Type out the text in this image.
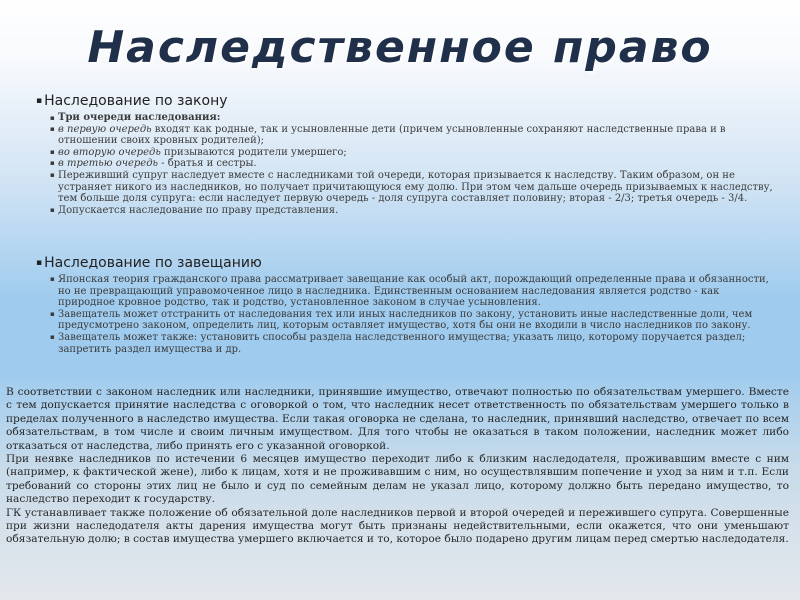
Наследственное право
▪ Наследование по закону
▪ Три очереди наследования:
▪ в первую очередь входят как родные, так и усыновленные дети (причем усыновленные сохраняют наследственные права и в отношении своих кровных родителей);
▪ во вторую очередь призываются родители умершего;
▪ в третью очередь - братья и сестры.
▪ Переживший супруг наследует вместе с наследниками той очереди, которая призывается к наследству. Таким образом, он не устраняет никого из наследников, но получает причитающуюся ему долю. При этом чем дальше очередь призываемых к наследству, тем больше доля супруга: если наследует первую очередь - доля супруга составляет половину; вторая - 2/3; третья очередь - 3/4.
▪ Допускается наследование по праву представления.
▪ Наследование по завещанию
▪ Японская теория гражданского права рассматривает завещание как особый акт, порождающий определенные права и обязанности, но не превращающий управомоченное лицо в наследника. Единственным основанием наследования является родство - как природное кровное родство, так и родство, установленное законом в случае усыновления.
▪ Завещатель может отстранить от наследования тех или иных наследников по закону, установить иные наследственные доли, чем предусмотрено законом, определить лиц, которым оставляет имущество, хотя бы они не входили в число наследников по закону.
▪ Завещатель может также: установить способы раздела наследственного имущества; указать лицо, которому поручается раздел; запретить раздел имущества и др.

В соответствии с законом наследник или наследники, принявшие имущество, отвечают полностью по обязательствам умершего. Вместе с тем допускается принятие наследства с оговоркой о том, что наследник несет ответственность по обязательствам умершего только в пределах полученного в наследство имущества. Если такая оговорка не сделана, то наследник, принявший наследство, отвечает по всем обязательствам, в том числе и своим личным имуществом. Для того чтобы не оказаться в таком положении, наследник может либо отказаться от наследства, либо принять его с указанной оговоркой.

При неявке наследников по истечении 6 месяцев имущество переходит либо к близким наследодателя, проживавшим вместе с ним (например, к фактической жене), либо к лицам, хотя и не проживавшим с ним, но осуществлявшим попечение и уход за ним и т.п. Если требований со стороны этих лиц не было и суд по семейным делам не указал лицо, которому должно быть передано имущество, то наследство переходит к государству.

ГК устанавливает также положение об обязательной доле наследников первой и второй очередей и пережившего супруга. Совершенные при жизни наследодателя акты дарения имущества могут быть признаны недействительными, если окажется, что они уменьшают обязательную долю; в состав имущества умершего включается и то, которое было подарено другим лицам перед смертью наследодателя.
